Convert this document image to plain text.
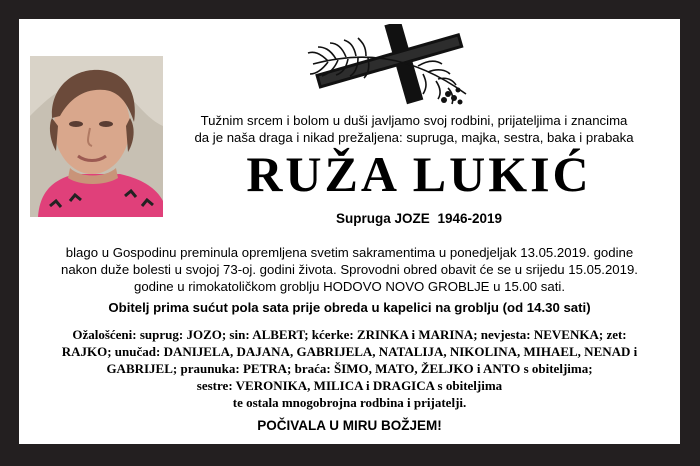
Tužnim srcem i bolom u duši javljamo svoj rodbini, prijateljima i znancima
da je naša draga i nikad prežaljena: supruga, majka, sestra, baka i prabaka
RUŽA LUKIĆ
Supruga JOZE 1946-2019
blago u Gospodinu preminula opremljena svetim sakramentima u ponedjeljak 13.05.2019. godine
nakon duže bolesti u svojoj 73-oj. godini života. Sprovodni obred obavit će se u srijedu 15.05.2019.
godine u rimokatoličkom groblju HODOVO NOVO GROBLJE u 15.00 sati.
Obitelj prima sućut pola sata prije obreda u kapelici na groblju (od 14.30 sati)
Ožalošćeni: suprug: JOZO; sin: ALBERT; kćerke: ZRINKA i MARINA; nevjesta: NEVENKA; zet:
RAJKO; unučad: DANIJELA, DAJANA, GABRIJELA, NATALIJA, NIKOLINA, MIHAEL, NENAD i
GABRIJEL; praunuka: PETRA; braća: ŠIMO, MATO, ŽELJKO i ANTO s obiteljima;
sestre: VERONIKA, MILICA i DRAGICA s obiteljima
te ostala mnogobrojna rodbina i prijatelji.
POČIVALA U MIRU BOŽJEM!
